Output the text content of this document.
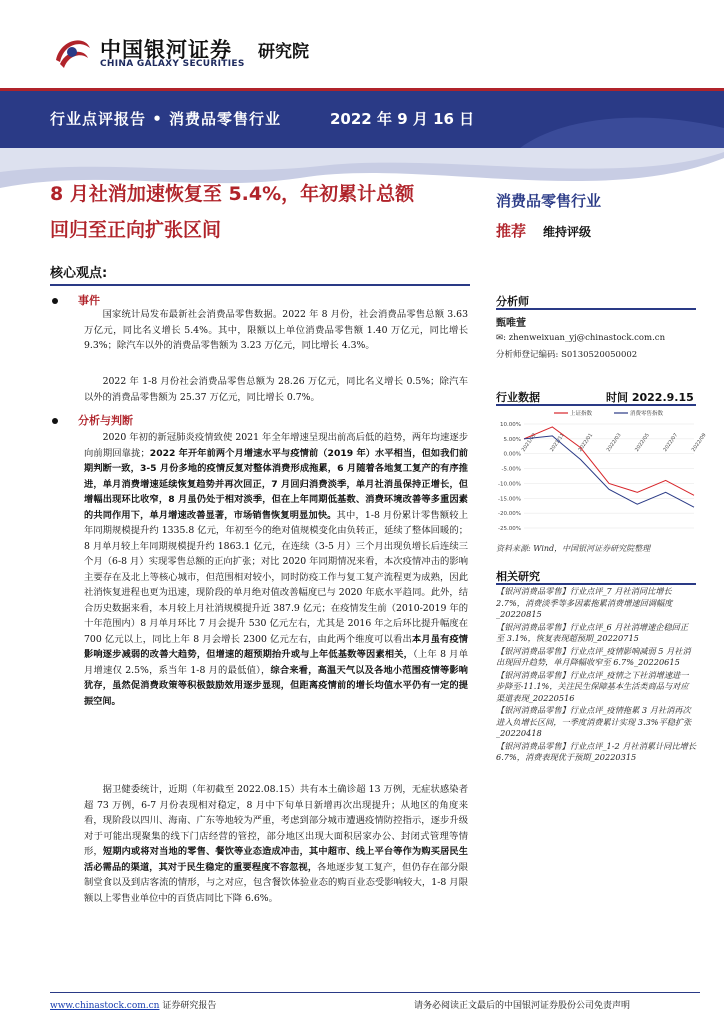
中国银河证券 研究院
CHINA GALAXY SECURITIES
行业点评报告 • 消费品零售行业	2022 年 9 月 16 日
8 月社消加速恢复至 5.4%，年初累计总额
回归至正向扩张区间
消费品零售行业
推荐 维持评级
核心观点:
事件

国家统计局发布最新社会消费品零售数据。2022 年 8 月份，社会消费品零售总额 3.63 万亿元，同比名义增长 5.4%。其中，限额以上单位消费品零售额 1.40 万亿元，同比增长 9.3%；除汽车以外的消费品零售额为 3.23 万亿元，同比增长 4.3%。

2022 年 1-8 月份社会消费品零售总额为 28.26 万亿元，同比名义增长 0.5%；除汽车以外的消费品零售额为 25.37 万亿元，同比增长 0.7%。

分析与判断

2020 年初的新冠肺炎疫情致使 2021 年全年增速呈现出前高后低的趋势，两年均速逐步向前期回靠拢；2022 年开年前两个月增速水平与疫情前（2019 年）水平相当，但如我们前期判断一致，3-5 月份多地的疫情反复对整体消费形成拖累，6 月随着各地复工复产的有序推进，单月消费增速延续恢复趋势并再次回正，7 月回归消费淡季，单月社消虽保持正增长，但增幅出现环比收窄，8 月虽仍处于相对淡季，但在上年同期低基数、消费环境改善等多重因素的共同作用下，单月增速改善显著，市场销售恢复明显加快。其中，1-8 月份累计零售额较上年同期规模提升约 1335.8 亿元，年初至今的绝对值规模变化由负转正，延续了整体回暖的；8 月单月较上年同期规模提升约 1863.1 亿元，在连续（3-5 月）三个月出现负增长后连续三个月（6-8 月）实现零售总额的正向扩张；对比 2020 年同期情况来看，本次疫情冲击的影响主要存在及北上等核心城市，但范围相对较小，同时防疫工作与复工复产流程更为成熟，因此社消恢复进程也更为迅速，现阶段的单月绝对值改善幅度已与 2020 年底水平趋同。此外，结合历史数据来看，本月较上月社消规模提升近 387.9 亿元；在疫情发生前（2010-2019 年的十年范围内）8 月单月环比 7 月会提升 530 亿元左右，尤其是 2016 年之后环比提升幅度在 700 亿元以上，同比上年 8 月会增长 2300 亿元左右，由此两个维度可以看出本月虽有疫情影响逐步减弱的改善大趋势，但增速的超预期抬升或与上年低基数等因素相关，（上年 8 月单月增速仅 2.5%，系当年 1-8 月的最低值），综合来看，高温天气以及各地小范围疫情等影响犹存，虽然促消费政策等积极鼓励效用逐步显现，但距离疫情前的增长均值水平仍有一定的提振空间。

据卫健委统计，近期（年初截至 2022.08.15）共有本土确诊超 13 万例，无症状感染者超 73 万例，6-7 月份表现相对稳定，8 月中下旬单日新增再次出现提升；从地区的角度来看，现阶段以四川、海南、广东等地较为严重，考虑到部分城市遭遇疫情防控指示，逐步升级对于可能出现聚集的线下门店经营的管控，部分地区出现大面积居家办公、封闭式管理等情形，短期内或将对当地的零售、餐饮等业态造成冲击，其中超市、线上平台等作为购买居民生活必需品的渠道，其对于民生稳定的重要程度不容忽视，各地逐步复工复产，但仍存在部分限制堂食以及到店客流的情形，与之对应，包含餐饮体验业态的购百业态受影响较大，1-8 月限额以上零售业单位中的百货店同比下降 6.6%。

分析师
甄唯萱
✉: zhenweixuan_yj@chinastock.com.cn
分析师登记编码: S0130520050002
行业数据	时间 2022.9.15
10.00%
5.00%
0.00%
-5.00%
-10.00%
-15.00%
-20.00%
-25.00%
2021/09 2021/11 2022/01 2022/03 2022/05 2022/07 2022/09
上证指数	消费零售指数
资料来源: Wind，中国银河证券研究院整理
相关研究
【银河消费品零售】行业点评_7 月社消同比增长 2.7%，消费淡季等多因素拖累消费增速回调幅度_20220815
【银河消费品零售】行业点评_6 月社消增速企稳回正至 3.1%，恢复表现超预期_20220715
【银河消费品零售】行业点评_疫情影响减弱 5 月社消出现回升趋势，单月降幅收窄至 6.7%_20220615
【银河消费品零售】行业点评_疫情之下社消增速进一步降至-11.1%，关注民生保障基本生活类商品与对应渠道表现_20220516
【银河消费品零售】行业点评_疫情拖累 3 月社消再次进入负增长区间，一季度消费累计实现 3.3%平稳扩张_20220418
【银河消费品零售】行业点评_1-2 月社消累计同比增长 6.7%，消费表现优于预期_20220315
www.chinastock.com.cn 证券研究报告	请务必阅读正文最后的中国银河证券股份公司免责声明
